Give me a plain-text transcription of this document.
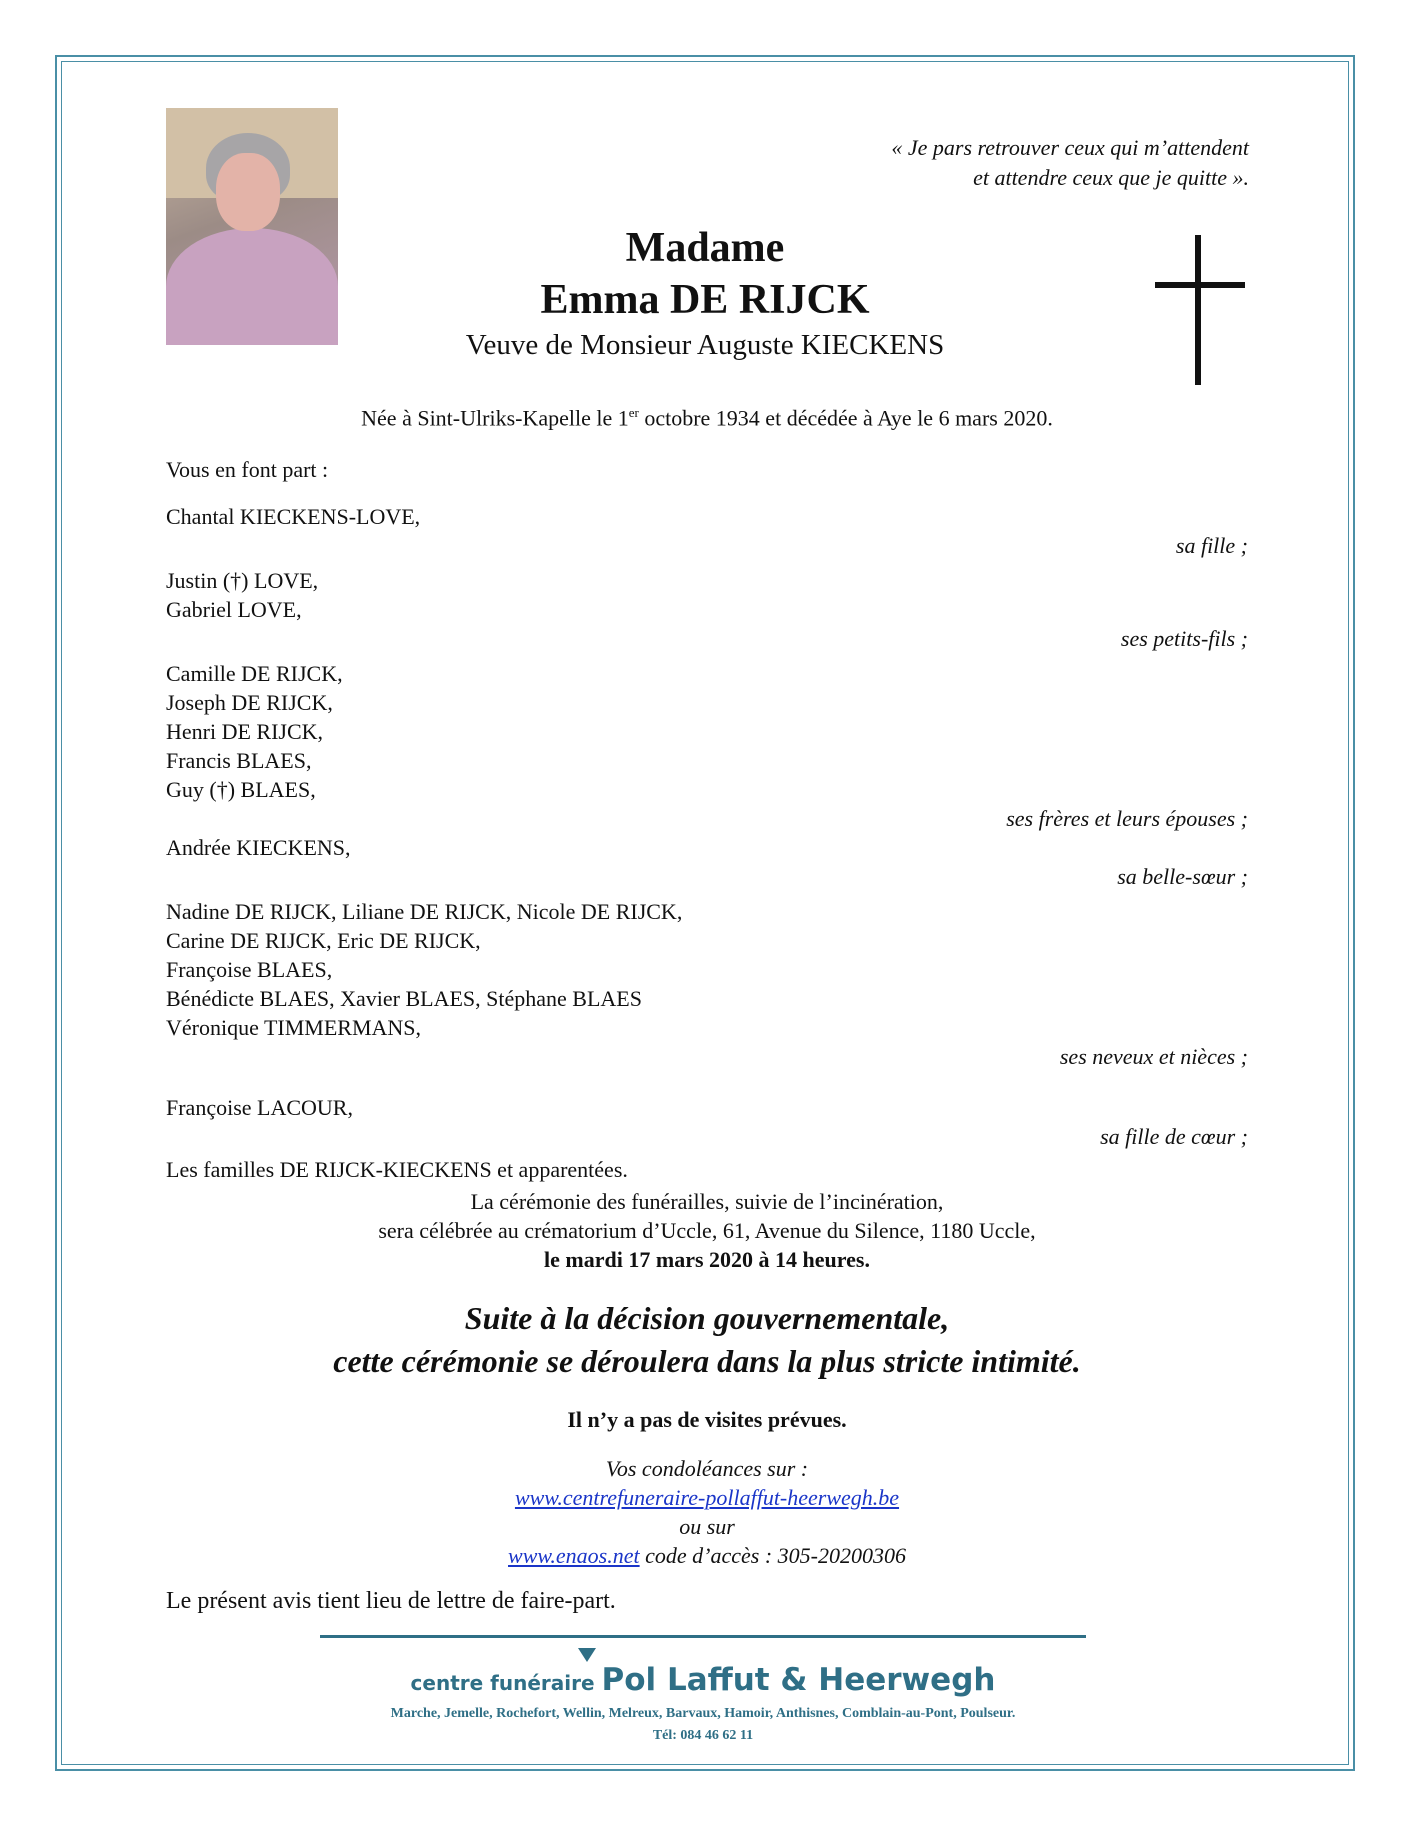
« Je pars retrouver ceux qui m’attendent
et attendre ceux que je quitte ».
Madame
Emma DE RIJCK
Veuve de Monsieur Auguste KIECKENS
Née à Sint-Ulriks-Kapelle le 1er octobre 1934 et décédée à Aye le 6 mars 2020.
Vous en font part :
Chantal KIECKENS-LOVE,
sa fille ;
Justin (†) LOVE,
Gabriel LOVE,
ses petits-fils ;
Camille DE RIJCK,
Joseph DE RIJCK,
Henri DE RIJCK,
Francis BLAES,
Guy (†) BLAES,
ses frères et leurs épouses ;
Andrée KIECKENS,
sa belle-sœur ;
Nadine DE RIJCK, Liliane DE RIJCK, Nicole DE RIJCK,
Carine DE RIJCK, Eric DE RIJCK,
Françoise BLAES,
Bénédicte BLAES, Xavier BLAES, Stéphane BLAES
Véronique TIMMERMANS,
ses neveux et nièces ;
Françoise LACOUR,
sa fille de cœur ;
Les familles DE RIJCK-KIECKENS et apparentées.
La cérémonie des funérailles, suivie de l’incinération,
sera célébrée au crématorium d’Uccle, 61, Avenue du Silence, 1180 Uccle,
le mardi 17 mars 2020 à 14 heures.
Suite à la décision gouvernementale,
cette cérémonie se déroulera dans la plus stricte intimité.
Il n’y a pas de visites prévues.
Vos condoléances sur :
www.centrefuneraire-pollaffut-heerwegh.be
ou sur
www.enaos.net code d’accès : 305-20200306
Le présent avis tient lieu de lettre de faire-part.
centre funéraire Pol Laffut & Heerwegh
Marche, Jemelle, Rochefort, Wellin, Melreux, Barvaux, Hamoir, Anthisnes, Comblain-au-Pont, Poulseur.
Tél: 084 46 62 11
